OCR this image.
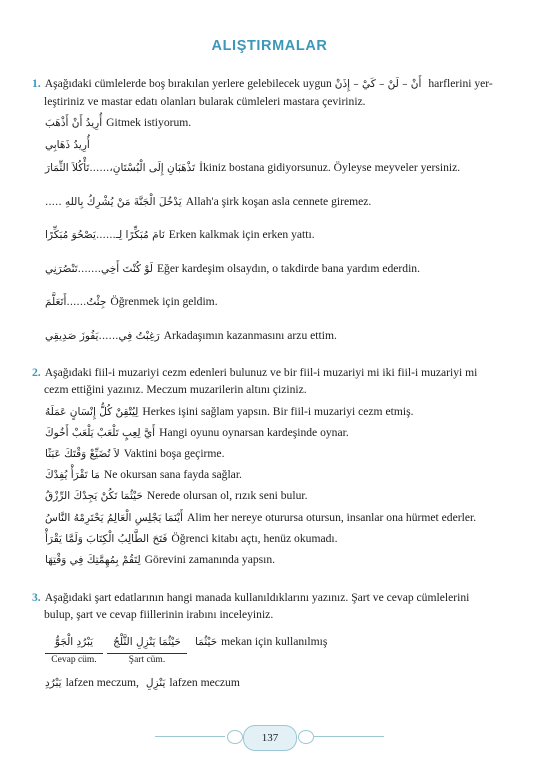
ALIŞTIRMALAR
1. Aşağıdaki cümlelerde boş bırakılan yerlere gelebilecek uygun أَنْ – لَنْ – كَيْ – إِذَنْ harflerini yer-
leştiriniz ve mastar edatı olanları bularak cümleleri mastara çeviriniz.
أُرِيدُ أَنْ أَذْهَبَ Gitmek istiyorum.
أُرِيدُ ذَهَابِي
تَذْهَبَانِ إِلَى الْبُسْتَانِ،......تَأْكُلاَ الثِّمَارَ İkiniz bostana gidiyorsunuz. Öyleyse meyveler yersiniz.
يَدْخُلَ الْجَنَّةَ مَنْ يُشْرِكُ بِاللهِ ..... Allah'a şirk koşan asla cennete giremez.
نَامَ مُبَكِّرًا لِـ......يَصْحُوَ مُبَكِّرًا Erken kalkmak için erken yattı.
لَوْ كُنْتَ أَخِي.......تَنْصُرَنِي Eğer kardeşim olsaydın, o takdirde bana yardım ederdin.
جِئْتُ......أَتَعَلَّمَ Öğrenmek için geldim.
رَغِبْتُ فِي......يَفُوزَ صَدِيقِي Arkadaşımın kazanmasını arzu ettim.
2. Aşağıdaki fiil-i muzariyi cezm edenleri bulunuz ve bir fiil-i muzariyi mi iki fiil-i muzariyi mi
cezm ettiğini yazınız. Meczum muzarilerin altını çiziniz.
لِيُتْقِنْ كُلُّ إِنْسَانٍ عَمَلَهُ Herkes işini sağlam yapsın. Bir fiil-i muzariyi cezm etmiş.
أَيَّ لِعِبٍ تَلْعَبْ يَلْعَبْ أَخُوكَ Hangi oyunu oynarsan kardeşinde oynar.
لاَ تُضَيِّعْ وَقْتَكَ عَبَثًا Vaktini boşa geçirme.
مَا تَقْرَأْ يُفِدْكَ Ne okursan sana fayda sağlar.
حَيْثُمَا تَكُنْ يَجِدْكَ الرِّزْقُ Nerede olursan ol, rızık seni bulur.
أَيْنَمَا يَجْلِسِ الْعَالِمُ يَحْتَرِمْهُ النَّاسُ Alim her nereye oturursa otursun, insanlar ona hürmet ederler.
فَتَحَ الطَّالِبُ الْكِتَابَ وَلَمَّا يَقْرَأْ Öğrenci kitabı açtı, henüz okumadı.
لِتَقُمْ بِمُهِمَّتِكَ فِي وَقْتِهَا Görevini zamanında yapsın.
3. Aşağıdaki şart edatlarının hangi manada kullanıldıklarını yazınız. Şart ve cevap cümlelerini
bulup, şart ve cevap fiillerinin irabını inceleyiniz.
يَبْرُدِ الْجَوُّ
Cevap cüm.
حَيْثُمَا يَنْزِلِ الثَّلْجُ
Şart cüm.
حَيْثُمَا mekan için kullanılmış
يَبْرُدِ lafzen meczum, يَنْزِلِ lafzen meczum
137
